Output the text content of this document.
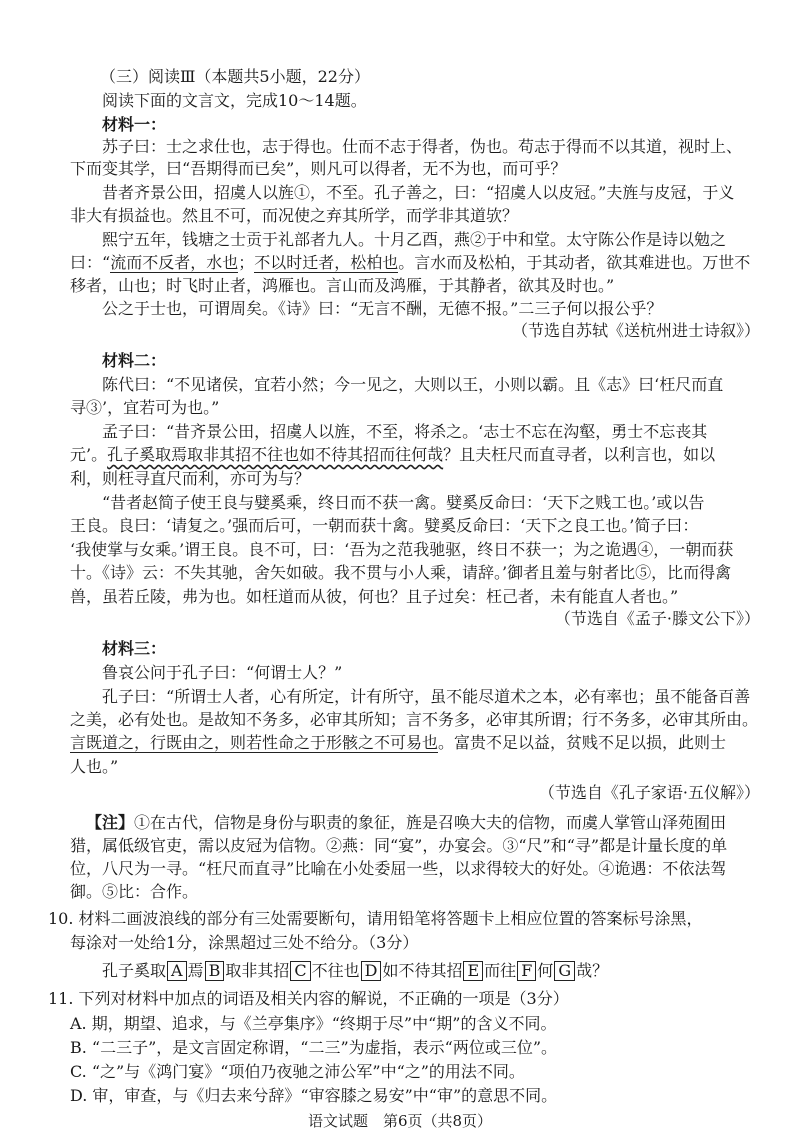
（三）阅读Ⅲ（本题共5小题，22分）
阅读下面的文言文，完成10～14题。
材料一：
苏子曰：士之求仕也，志于得也。仕而不志于得者，伪也。苟志于得而不以其道，视时上、
下而变其学，曰“吾期得而已矣”，则凡可以得者，无不为也，而可乎？
昔者齐景公田，招虞人以旌①，不至。孔子善之，曰：“招虞人以皮冠。”夫旌与皮冠，于义
非大有损益也。然且不可，而况使之弃其所学，而学非其道欤？
熙宁五年，钱塘之士贡于礼部者九人。十月乙酉，燕②于中和堂。太守陈公作是诗以勉之
曰：“流而不反者，水也；不以时迁者，松柏也。言水而及松柏，于其动者，欲其难进也。万世不
移者，山也；时飞时止者，鸿雁也。言山而及鸿雁，于其静者，欲其及时也。”
公之于士也，可谓周矣。《诗》曰：“无言不酬，无德不报。”二三子何以报公乎？
（节选自苏轼《送杭州进士诗叙》）
材料二：
陈代曰：“不见诸侯，宜若小然；今一见之，大则以王，小则以霸。且《志》曰‘枉尺而直
寻③’，宜若可为也。”
孟子曰：“昔齐景公田，招虞人以旌，不至，将杀之。‘志士不忘在沟壑，勇士不忘丧其
元’。孔子奚取焉取非其招不往也如不待其招而往何哉？且夫枉尺而直寻者，以利言也，如以
利，则枉寻直尺而利，亦可为与？
“昔者赵简子使王良与嬖奚乘，终日而不获一禽。嬖奚反命曰：‘天下之贱工也。’或以告
王良。良曰：‘请复之。’强而后可，一朝而获十禽。嬖奚反命曰：‘天下之良工也。’简子曰：
‘我使掌与女乘。’谓王良。良不可，曰：‘吾为之范我驰驱，终日不获一；为之诡遇④，一朝而获
十。《诗》云：不失其驰，舍矢如破。我不贯与小人乘，请辞。’御者且羞与射者比⑤，比而得禽
兽，虽若丘陵，弗为也。如枉道而从彼，何也？且子过矣：枉己者，未有能直人者也。”
（节选自《孟子·滕文公下》）
材料三：
鲁哀公问于孔子曰：“何谓士人？”
孔子曰：“所谓士人者，心有所定，计有所守，虽不能尽道术之本，必有率也；虽不能备百善
之美，必有处也。是故知不务多，必审其所知；言不务多，必审其所谓；行不务多，必审其所由。
言既道之，行既由之，则若性命之于形骸之不可易也。富贵不足以益，贫贱不足以损，此则士
人也。”
（节选自《孔子家语·五仪解》）
【注】①在古代，信物是身份与职责的象征，旌是召唤大夫的信物，而虞人掌管山泽苑囿田
猎，属低级官吏，需以皮冠为信物。②燕：同“宴”，办宴会。③“尺”和“寻”都是计量长度的单
位，八尺为一寻。“枉尺而直寻”比喻在小处委屈一些，以求得较大的好处。④诡遇：不依法驾
御。⑤比：合作。
10. 材料二画波浪线的部分有三处需要断句，请用铅笔将答题卡上相应位置的答案标号涂黑，
每涂对一处给1分，涂黑超过三处不给分。（3分）
孔子奚取 A 焉 B 取非其招 C 不往也 D 如不待其招 E 而往 F 何 G 哉？
11. 下列对材料中加点的词语及相关内容的解说，不正确的一项是（3分）
A. 期，期望、追求，与《兰亭集序》“终期于尽”中“期”的含义不同。
B. “二三子”，是文言固定称谓，“二三”为虚指，表示“两位或三位”。
C. “之”与《鸿门宴》“项伯乃夜驰之沛公军”中“之”的用法不同。
D. 审，审查，与《归去来兮辞》“审容膝之易安”中“审”的意思不同。
语文试题　第6页（共8页）
